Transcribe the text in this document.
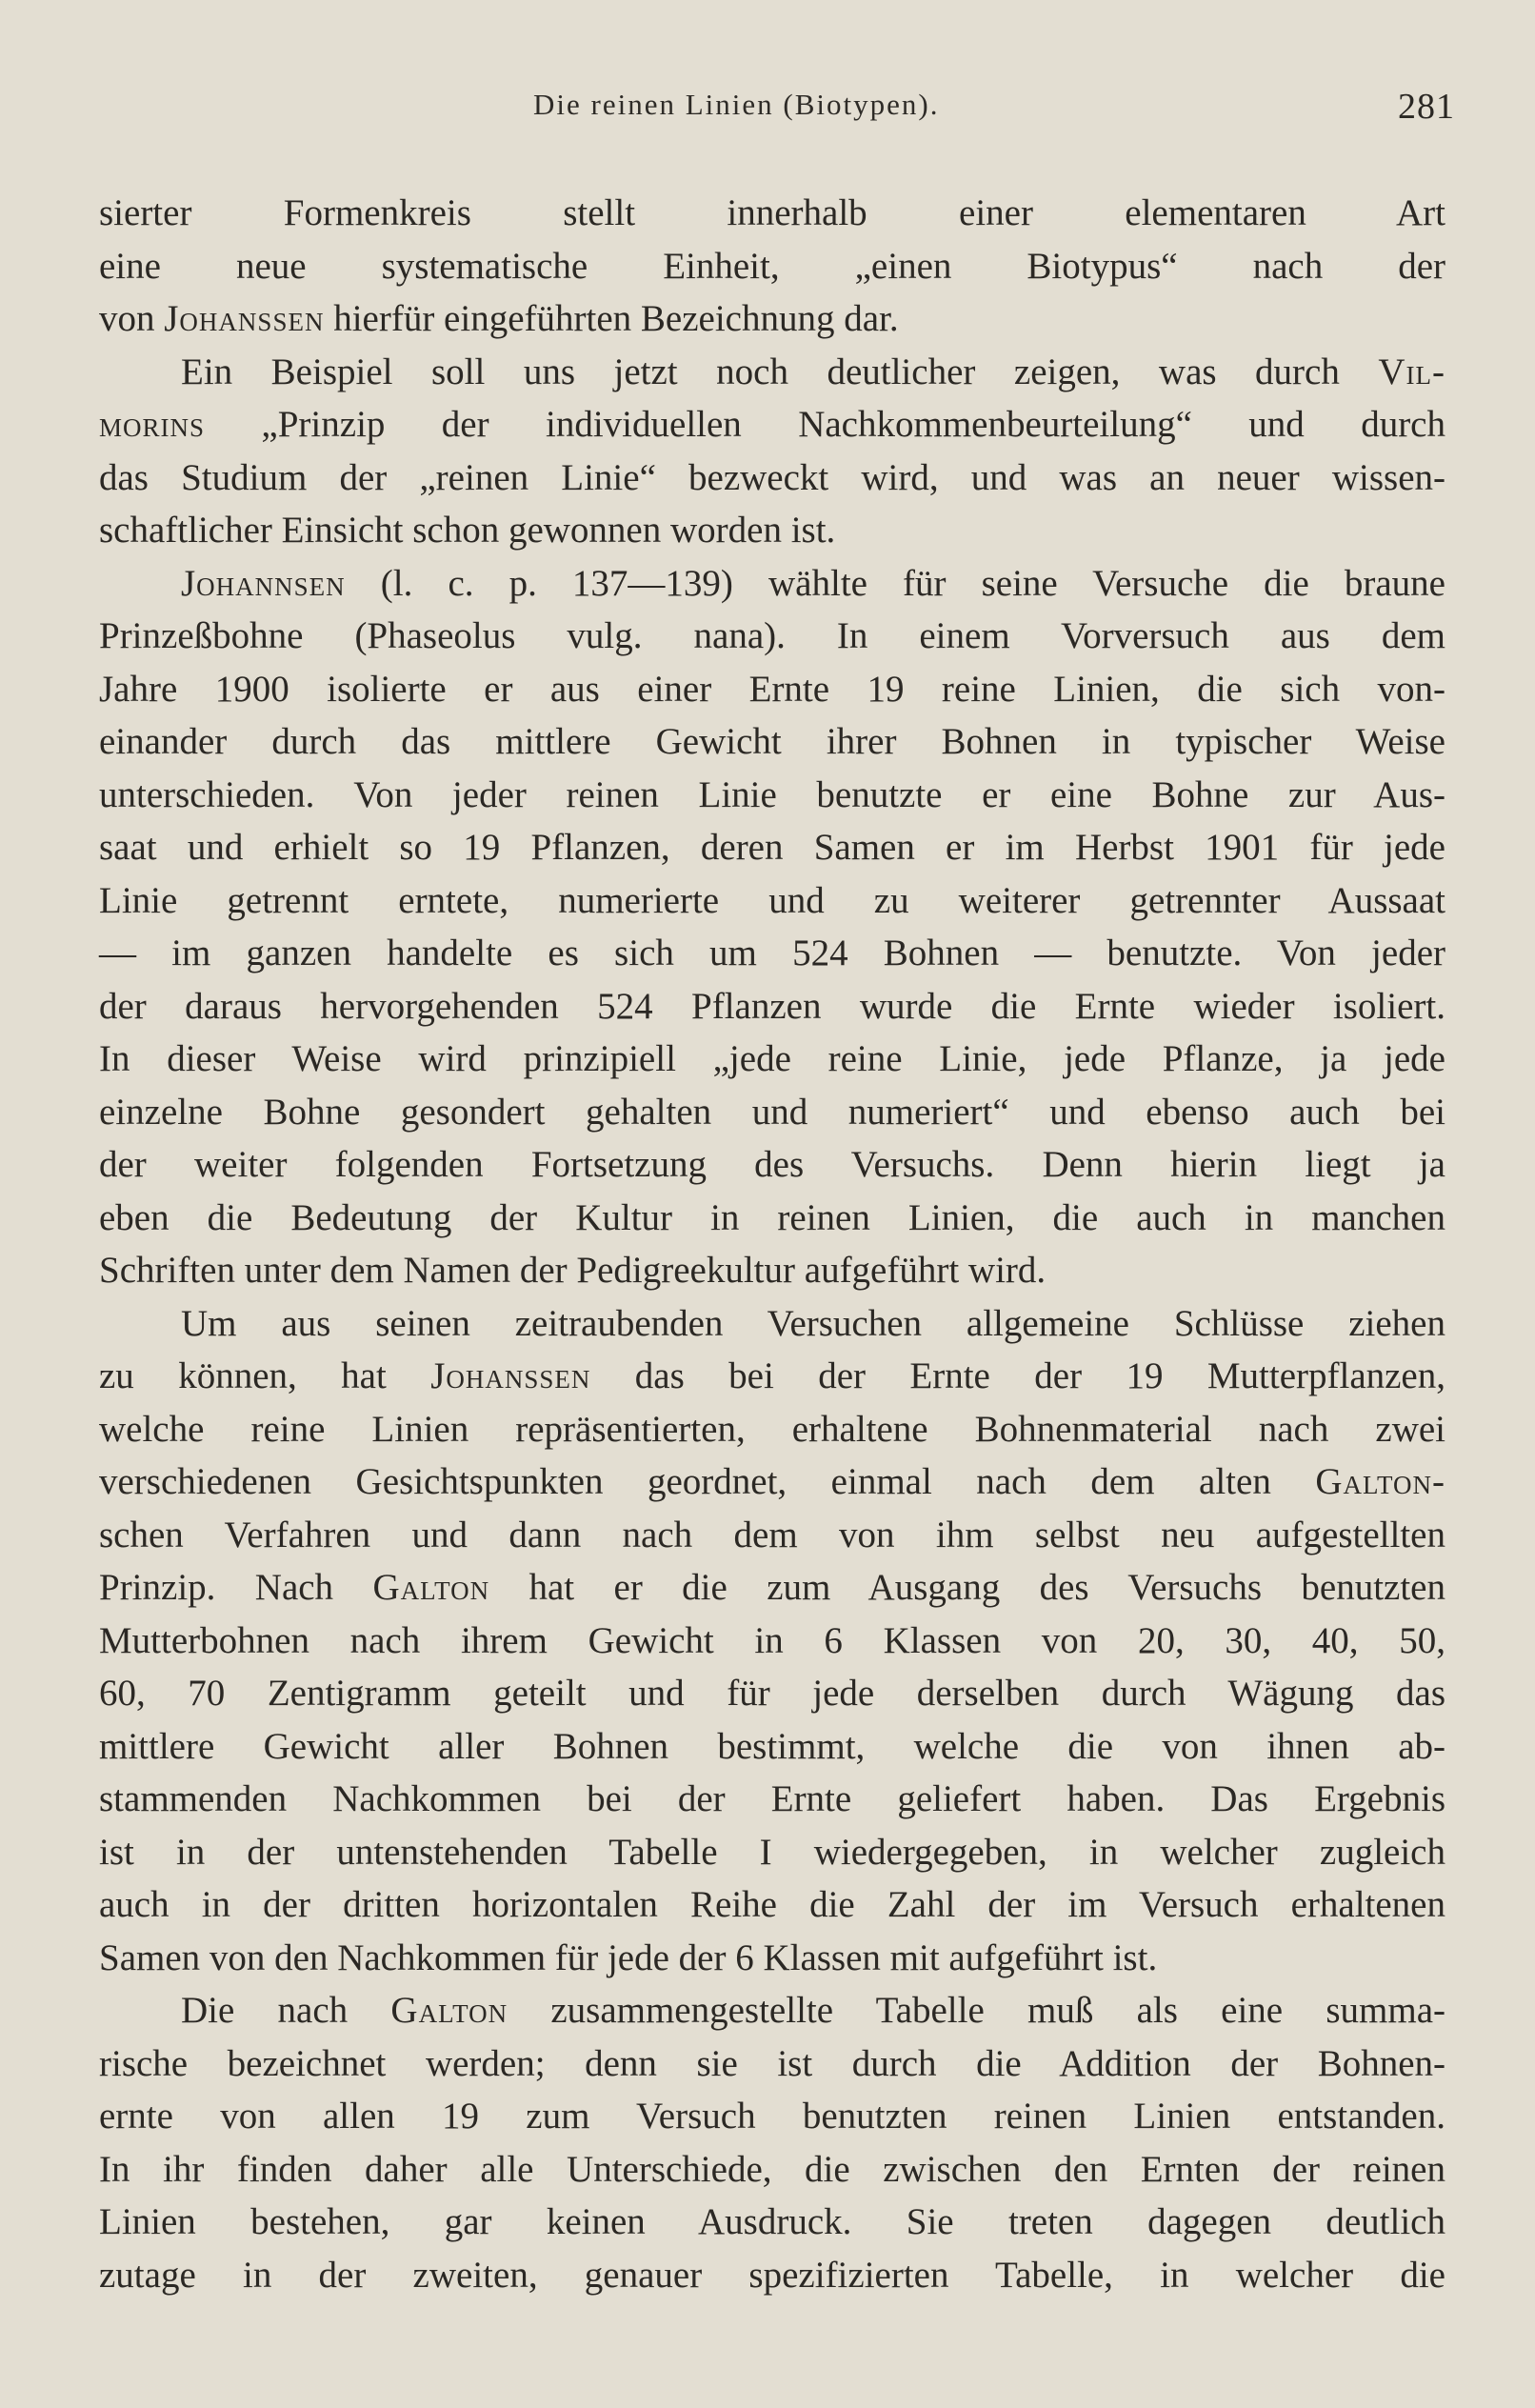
Die reinen Linien (Biotypen).	281
sierter Formenkreis stellt innerhalb einer elementaren Art
eine neue systematische Einheit, „einen Biotypus“ nach der
von Johanssen hierfür eingeführten Bezeichnung dar.
Ein Beispiel soll uns jetzt noch deutlicher zeigen, was durch Vil-
morins „Prinzip der individuellen Nachkommenbeurteilung“ und durch
das Studium der „reinen Linie“ bezweckt wird, und was an neuer wissen-
schaftlicher Einsicht schon gewonnen worden ist.
Johannsen (l. c. p. 137—139) wählte für seine Versuche die braune
Prinzeßbohne (Phaseolus vulg. nana). In einem Vorversuch aus dem
Jahre 1900 isolierte er aus einer Ernte 19 reine Linien, die sich von-
einander durch das mittlere Gewicht ihrer Bohnen in typischer Weise
unterschieden. Von jeder reinen Linie benutzte er eine Bohne zur Aus-
saat und erhielt so 19 Pflanzen, deren Samen er im Herbst 1901 für jede
Linie getrennt erntete, numerierte und zu weiterer getrennter Aussaat
— im ganzen handelte es sich um 524 Bohnen — benutzte. Von jeder
der daraus hervorgehenden 524 Pflanzen wurde die Ernte wieder isoliert.
In dieser Weise wird prinzipiell „jede reine Linie, jede Pflanze, ja jede
einzelne Bohne gesondert gehalten und numeriert“ und ebenso auch bei
der weiter folgenden Fortsetzung des Versuchs. Denn hierin liegt ja
eben die Bedeutung der Kultur in reinen Linien, die auch in manchen
Schriften unter dem Namen der Pedigreekultur aufgeführt wird.
Um aus seinen zeitraubenden Versuchen allgemeine Schlüsse ziehen
zu können, hat Johanssen das bei der Ernte der 19 Mutterpflanzen,
welche reine Linien repräsentierten, erhaltene Bohnenmaterial nach zwei
verschiedenen Gesichtspunkten geordnet, einmal nach dem alten Galton-
schen Verfahren und dann nach dem von ihm selbst neu aufgestellten
Prinzip. Nach Galton hat er die zum Ausgang des Versuchs benutzten
Mutterbohnen nach ihrem Gewicht in 6 Klassen von 20, 30, 40, 50,
60, 70 Zentigramm geteilt und für jede derselben durch Wägung das
mittlere Gewicht aller Bohnen bestimmt, welche die von ihnen ab-
stammenden Nachkommen bei der Ernte geliefert haben. Das Ergebnis
ist in der untenstehenden Tabelle I wiedergegeben, in welcher zugleich
auch in der dritten horizontalen Reihe die Zahl der im Versuch erhaltenen
Samen von den Nachkommen für jede der 6 Klassen mit aufgeführt ist.
Die nach Galton zusammengestellte Tabelle muß als eine summa-
rische bezeichnet werden; denn sie ist durch die Addition der Bohnen-
ernte von allen 19 zum Versuch benutzten reinen Linien entstanden.
In ihr finden daher alle Unterschiede, die zwischen den Ernten der reinen
Linien bestehen, gar keinen Ausdruck. Sie treten dagegen deutlich
zutage in der zweiten, genauer spezifizierten Tabelle, in welcher die
